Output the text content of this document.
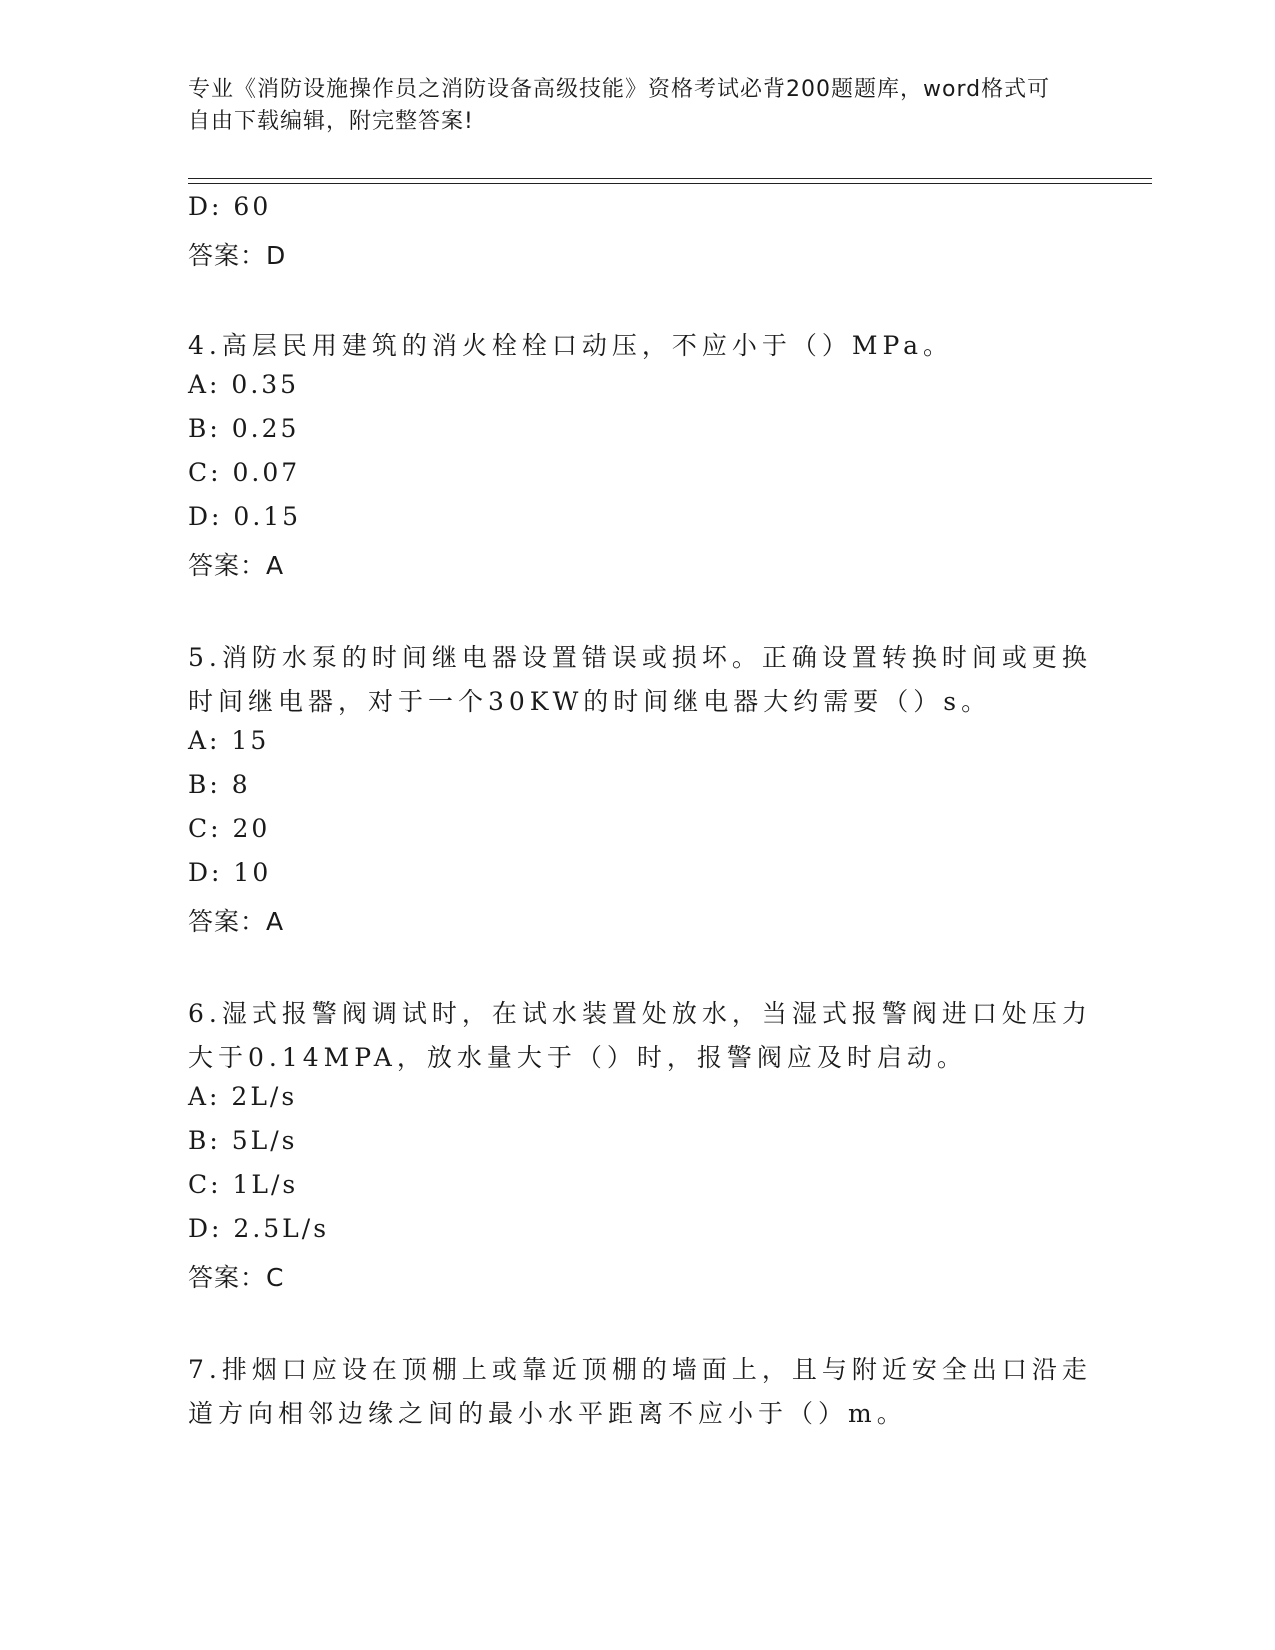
专业《消防设施操作员之消防设备高级技能》资格考试必背200题题库，word格式可自由下载编辑，附完整答案!
D: 60
答案：D
4.高层民用建筑的消火栓栓口动压，不应小于（）MPa。
A: 0.35
B: 0.25
C: 0.07
D: 0.15
答案：A
5.消防水泵的时间继电器设置错误或损坏。正确设置转换时间或更换
时间继电器，对于一个30KW的时间继电器大约需要（）s。
A: 15
B: 8
C: 20
D: 10
答案：A
6.湿式报警阀调试时，在试水装置处放水，当湿式报警阀进口处压力
大于0.14MPA，放水量大于（）时，报警阀应及时启动。
A: 2L/s
B: 5L/s
C: 1L/s
D: 2.5L/s
答案：C
7.排烟口应设在顶棚上或靠近顶棚的墙面上，且与附近安全出口沿走
道方向相邻边缘之间的最小水平距离不应小于（）m。
